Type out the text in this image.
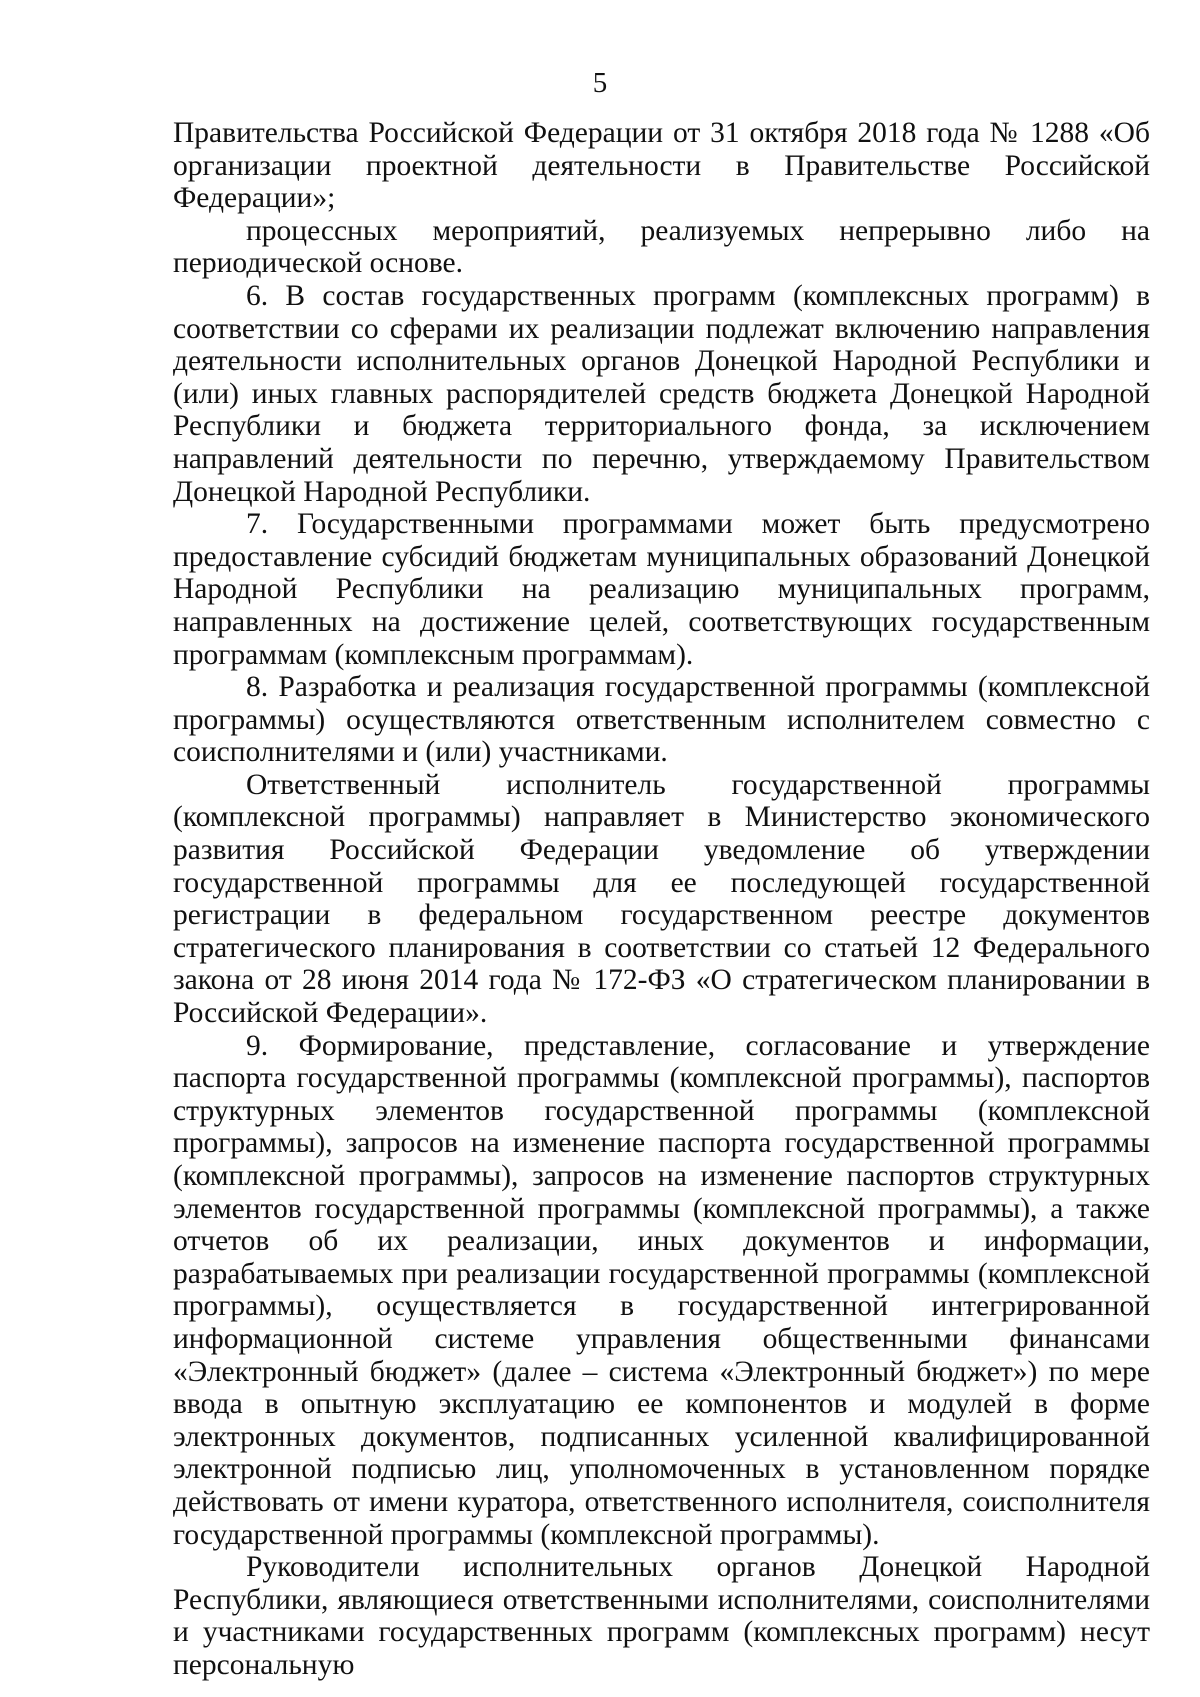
5

Правительства Российской Федерации от 31 октября 2018 года № 1288 «Об организации проектной деятельности в Правительстве Российской Федерации»;

процессных мероприятий, реализуемых непрерывно либо на периодической основе.

6. В состав государственных программ (комплексных программ) в соответствии со сферами их реализации подлежат включению направления деятельности исполнительных органов Донецкой Народной Республики и (или) иных главных распорядителей средств бюджета Донецкой Народной Республики и бюджета территориального фонда, за исключением направлений деятельности по перечню, утверждаемому Правительством Донецкой Народной Республики.

7. Государственными программами может быть предусмотрено предоставление субсидий бюджетам муниципальных образований Донецкой Народной Республики на реализацию муниципальных программ, направленных на достижение целей, соответствующих государственным программам (комплексным программам).

8. Разработка и реализация государственной программы (комплексной программы) осуществляются ответственным исполнителем совместно с соисполнителями и (или) участниками.

Ответственный исполнитель государственной программы (комплексной программы) направляет в Министерство экономического развития Российской Федерации уведомление об утверждении государственной программы для ее последующей государственной регистрации в федеральном государственном реестре документов стратегического планирования в соответствии со статьей 12 Федерального закона от 28 июня 2014 года № 172-ФЗ «О стратегическом планировании в Российской Федерации».

9. Формирование, представление, согласование и утверждение паспорта государственной программы (комплексной программы), паспортов структурных элементов государственной программы (комплексной программы), запросов на изменение паспорта государственной программы (комплексной программы), запросов на изменение паспортов структурных элементов государственной программы (комплексной программы), а также отчетов об их реализации, иных документов и информации, разрабатываемых при реализации государственной программы (комплексной программы), осуществляется в государственной интегрированной информационной системе управления общественными финансами «Электронный бюджет» (далее – система «Электронный бюджет») по мере ввода в опытную эксплуатацию ее компонентов и модулей в форме электронных документов, подписанных усиленной квалифицированной электронной подписью лиц, уполномоченных в установленном порядке действовать от имени куратора, ответственного исполнителя, соисполнителя государственной программы (комплексной программы).

Руководители исполнительных органов Донецкой Народной Республики, являющиеся ответственными исполнителями, соисполнителями и участниками государственных программ (комплексных программ) несут персональную
